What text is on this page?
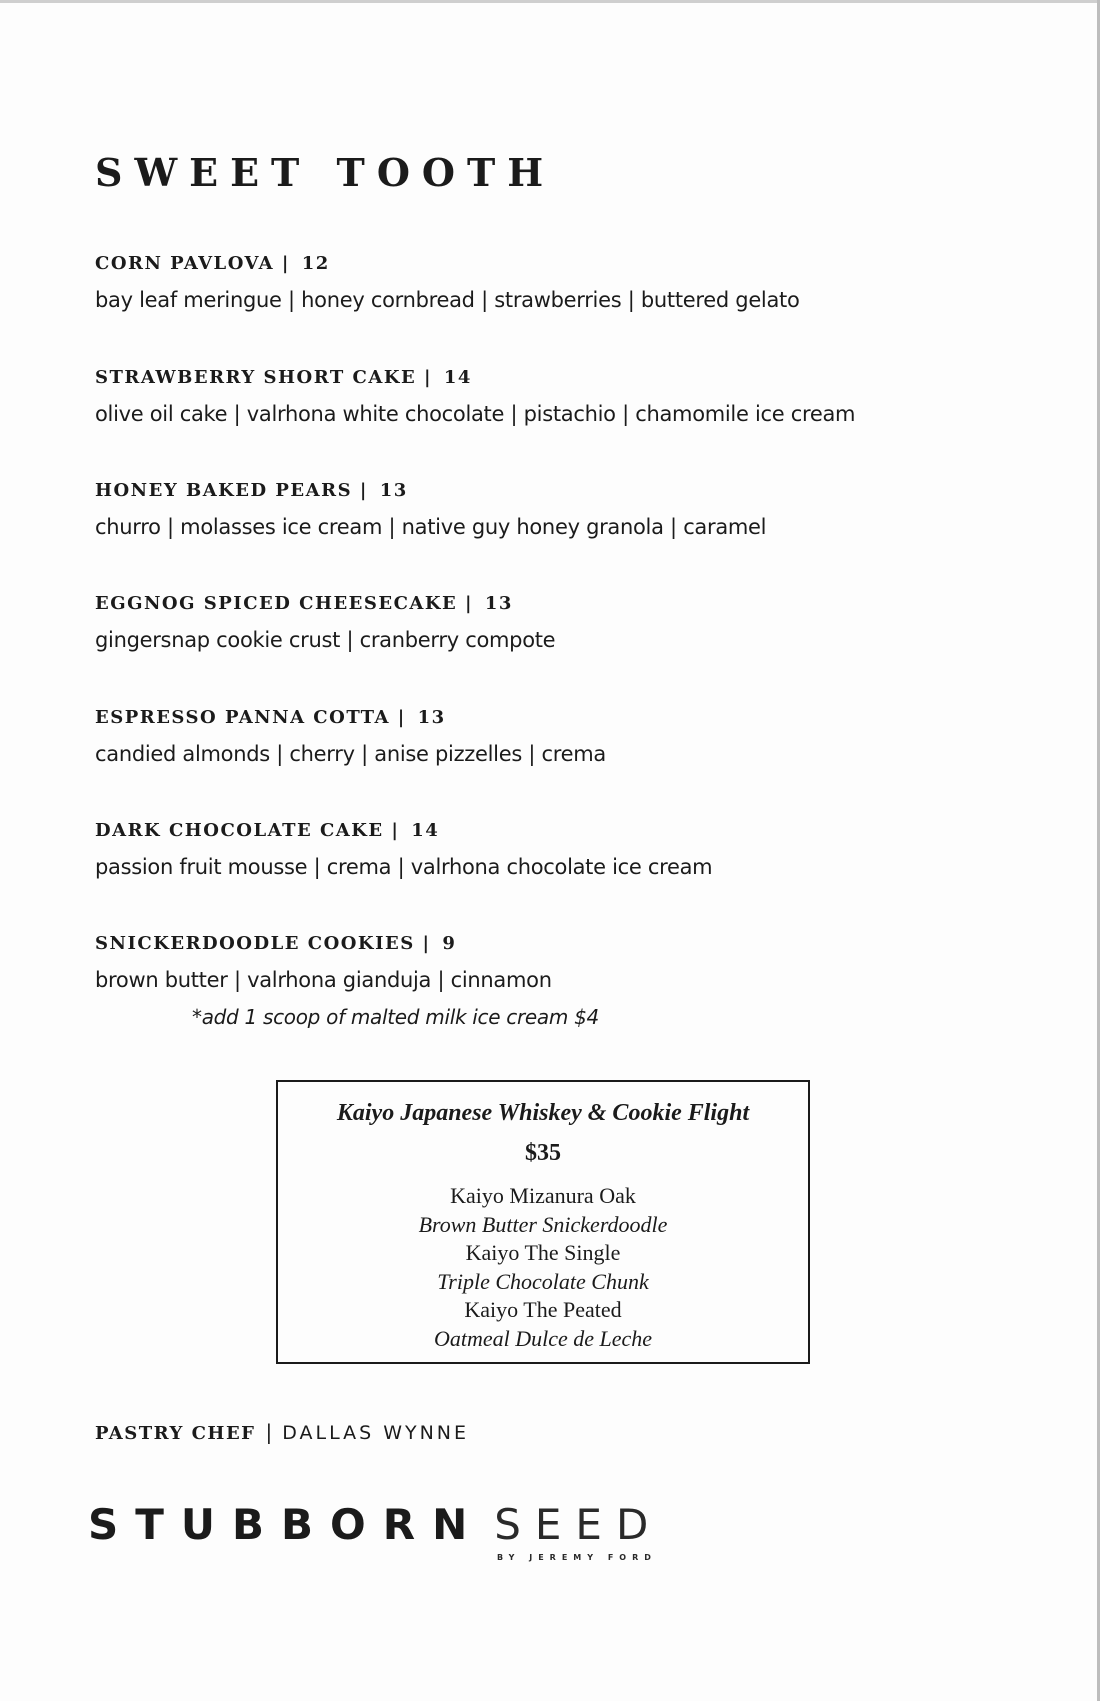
SWEET TOOTH
CORN PAVLOVA | 12
bay leaf meringue | honey cornbread | strawberries | buttered gelato
STRAWBERRY SHORT CAKE | 14
olive oil cake | valrhona white chocolate | pistachio | chamomile ice cream
HONEY BAKED PEARS | 13
churro | molasses ice cream | native guy honey granola | caramel
EGGNOG SPICED CHEESECAKE | 13
gingersnap cookie crust | cranberry compote
ESPRESSO PANNA COTTA | 13
candied almonds | cherry | anise pizzelles | crema
DARK CHOCOLATE CAKE | 14
passion fruit mousse | crema | valrhona chocolate ice cream
SNICKERDOODLE COOKIES | 9
brown butter | valrhona gianduja | cinnamon
*add 1 scoop of malted milk ice cream $4
Kaiyo Japanese Whiskey & Cookie Flight
$35
Kaiyo Mizanura Oak
Brown Butter Snickerdoodle
Kaiyo The Single
Triple Chocolate Chunk
Kaiyo The Peated
Oatmeal Dulce de Leche
PASTRY CHEF | DALLAS WYNNE
STUBBORN SEED
BY JEREMY FORD
